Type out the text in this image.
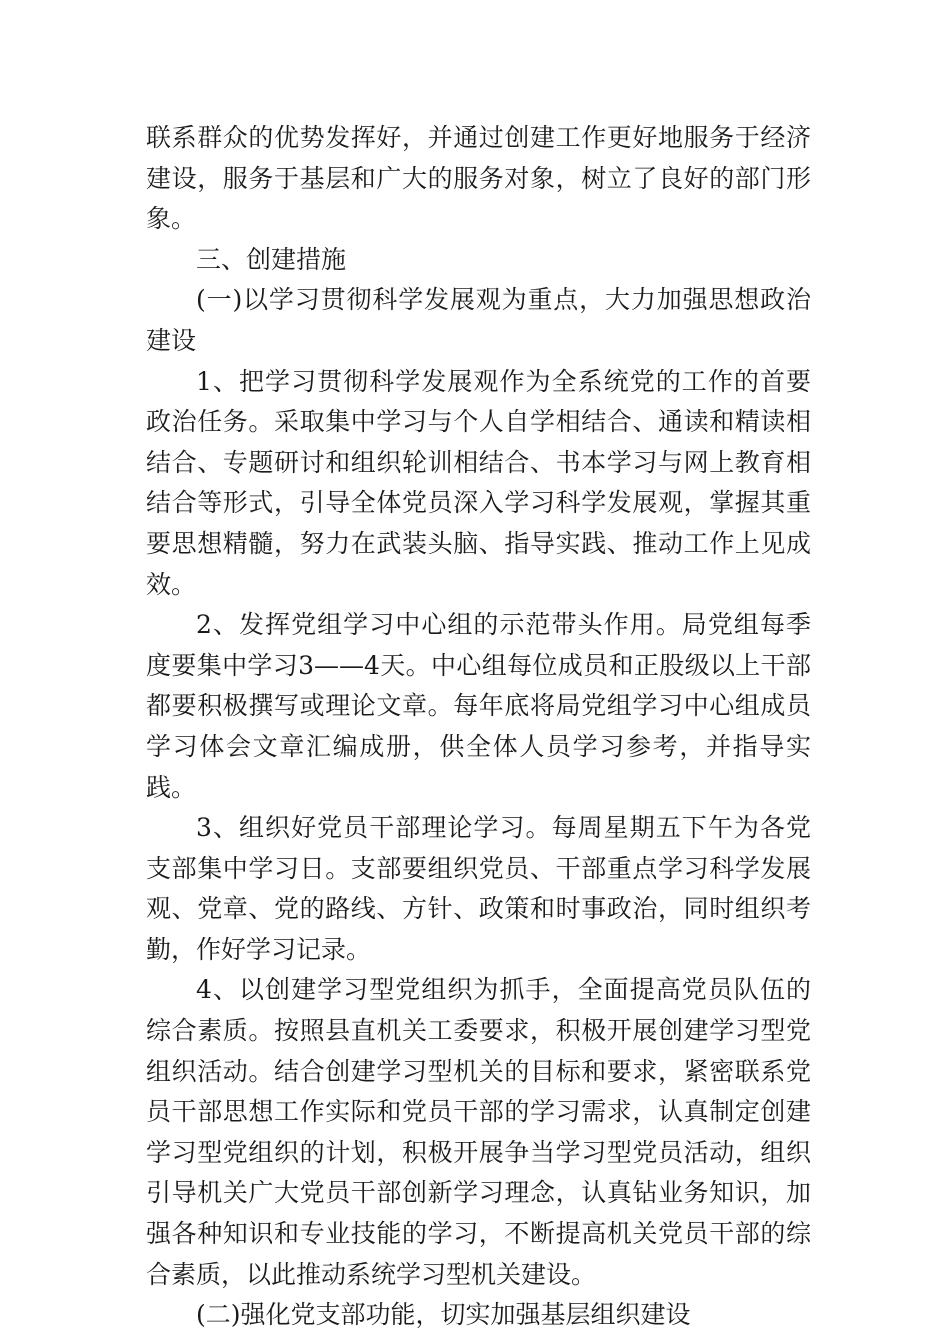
联系群众的优势发挥好，并通过创建工作更好地服务于经济建设，服务于基层和广大的服务对象，树立了良好的部门形象。

三、创建措施

(一)以学习贯彻科学发展观为重点，大力加强思想政治建设

1、把学习贯彻科学发展观作为全系统党的工作的首要政治任务。采取集中学习与个人自学相结合、通读和精读相结合、专题研讨和组织轮训相结合、书本学习与网上教育相结合等形式，引导全体党员深入学习科学发展观，掌握其重要思想精髓，努力在武装头脑、指导实践、推动工作上见成效。

2、发挥党组学习中心组的示范带头作用。局党组每季度要集中学习3——4天。中心组每位成员和正股级以上干部都要积极撰写或理论文章。每年底将局党组学习中心组成员学习体会文章汇编成册，供全体人员学习参考，并指导实践。

3、组织好党员干部理论学习。每周星期五下午为各党支部集中学习日。支部要组织党员、干部重点学习科学发展观、党章、党的路线、方针、政策和时事政治，同时组织考勤，作好学习记录。

4、以创建学习型党组织为抓手，全面提高党员队伍的综合素质。按照县直机关工委要求，积极开展创建学习型党组织活动。结合创建学习型机关的目标和要求，紧密联系党员干部思想工作实际和党员干部的学习需求，认真制定创建学习型党组织的计划，积极开展争当学习型党员活动，组织引导机关广大党员干部创新学习理念，认真钻业务知识，加强各种知识和专业技能的学习，不断提高机关党员干部的综合素质，以此推动系统学习型机关建设。

(二)强化党支部功能，切实加强基层组织建设
